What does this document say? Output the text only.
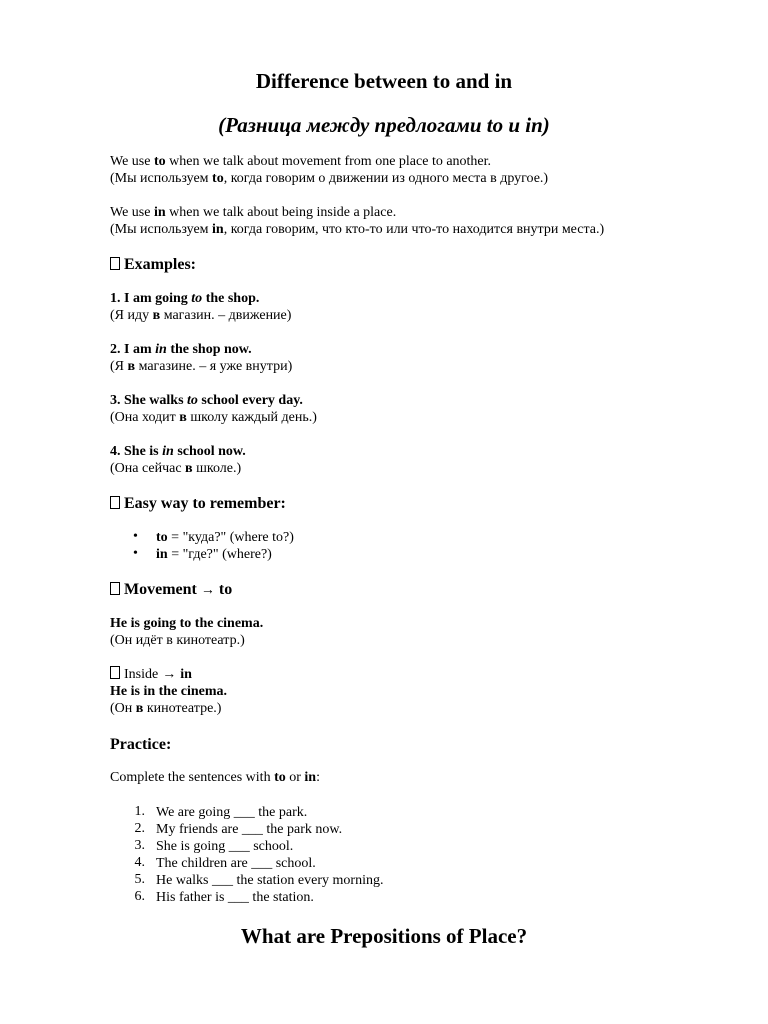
Difference between to and in
(Разница между предлогами to и in)
We use to when we talk about movement from one place to another.
(Мы используем to, когда говорим о движении из одного места в другое.)
We use in when we talk about being inside a place.
(Мы используем in, когда говорим, что кто-то или что-то находится внутри места.)
Examples:
1. I am going to the shop.
(Я иду в магазин. – движение)
2. I am in the shop now.
(Я в магазине. – я уже внутри)
3. She walks to school every day.
(Она ходит в школу каждый день.)
4. She is in school now.
(Она сейчас в школе.)
Easy way to remember:
• to = "куда?" (where to?)
• in = "где?" (where?)
Movement → to
He is going to the cinema.
(Он идёт в кинотеатр.)
Inside → in
He is in the cinema.
(Он в кинотеатре.)
Practice:
Complete the sentences with to or in:
1. We are going ___ the park.
2. My friends are ___ the park now.
3. She is going ___ school.
4. The children are ___ school.
5. He walks ___ the station every morning.
6. His father is ___ the station.
What are Prepositions of Place?
